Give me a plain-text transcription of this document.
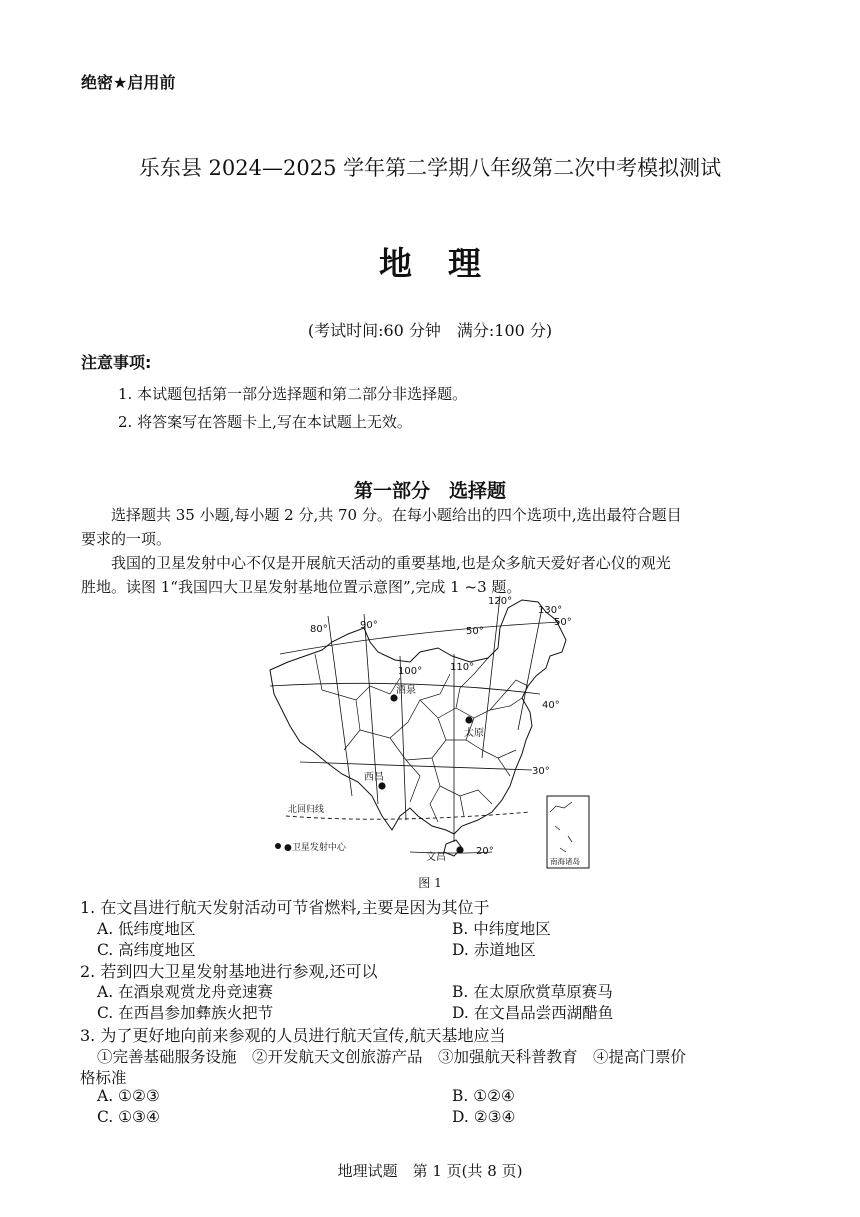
绝密★启用前
乐东县 2024—2025 学年第二学期八年级第二次中考模拟测试
地理
(考试时间:60 分钟　满分:100 分)
注意事项:
1. 本试题包括第一部分选择题和第二部分非选择题。
2. 将答案写在答题卡上,写在本试题上无效。
第一部分　选择题
选择题共 35 小题,每小题 2 分,共 70 分。在每小题给出的四个选项中,选出最符合题目
要求的一项。
我国的卫星发射中心不仅是开展航天活动的重要基地,也是众多航天爱好者心仪的观光
胜地。读图 1“我国四大卫星发射基地位置示意图”,完成 1 ~3 题。
酒泉
太原
西昌
文昌
80°	90°
100°	110°
120°
130°
50°
50°
40°
30°
20°
北回归线
●卫星发射中心
南海诸岛
图 1
1. 在文昌进行航天发射活动可节省燃料,主要是因为其位于
A. 低纬度地区	B. 中纬度地区
C. 高纬度地区	D. 赤道地区
2. 若到四大卫星发射基地进行参观,还可以
A. 在酒泉观赏龙舟竞速赛	B. 在太原欣赏草原赛马
C. 在西昌参加彝族火把节	D. 在文昌品尝西湖醋鱼
3. 为了更好地向前来参观的人员进行航天宣传,航天基地应当
①完善基础服务设施　②开发航天文创旅游产品　③加强航天科普教育　④提高门票价
格标准
A. ①②③	B. ①②④
C. ①③④	D. ②③④
地理试题　第 1 页(共 8 页)
